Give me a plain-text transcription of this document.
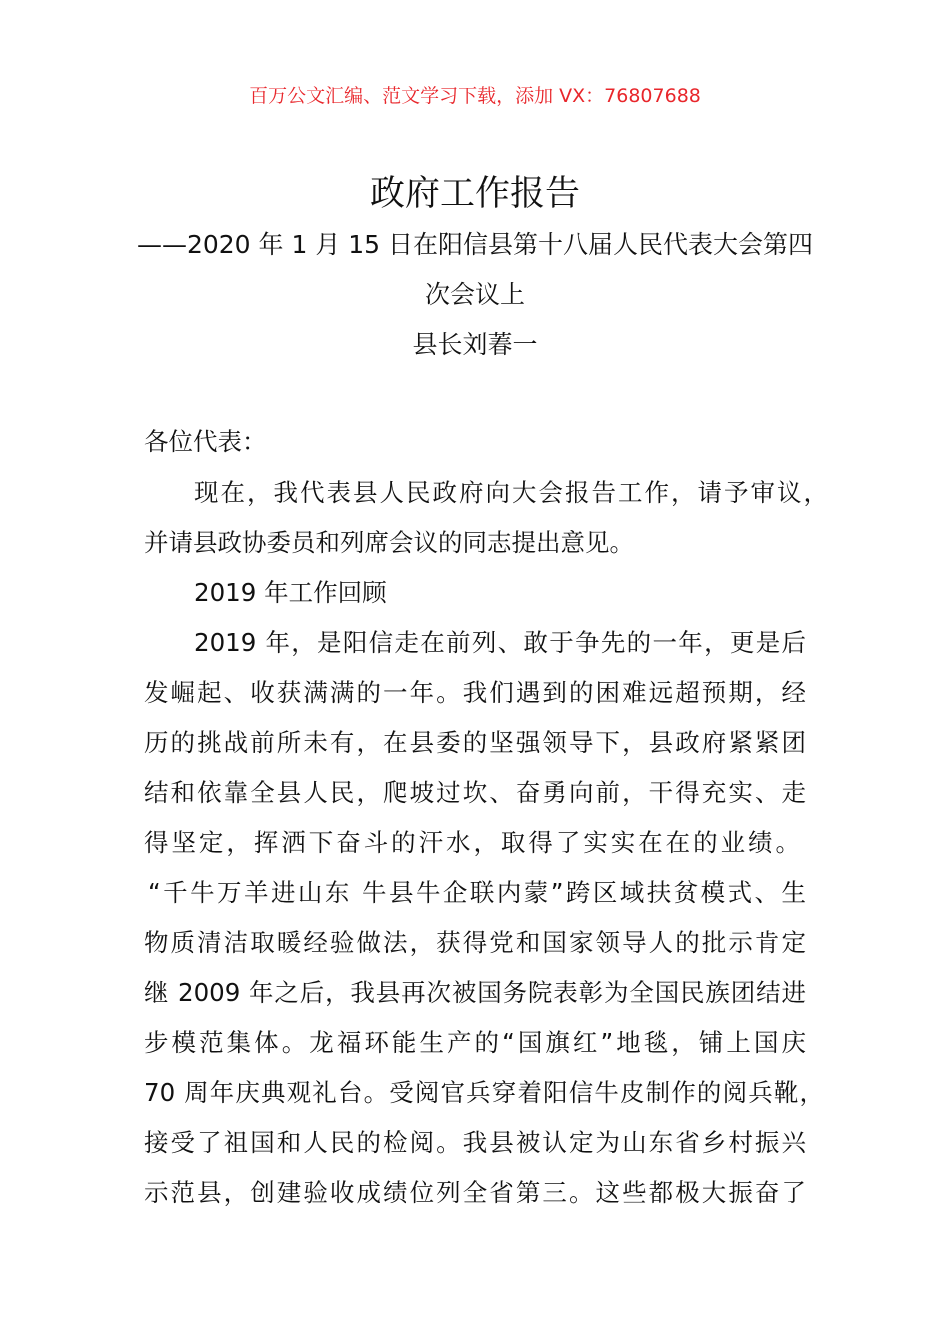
百万公文汇编、范文学习下载，添加 VX：76807688
政府工作报告
——2020 年 1 月 15 日在阳信县第十八届人民代表大会第四
次会议上
县长刘萶一
各位代表：
现在，我代表县人民政府向大会报告工作，请予审议，
并请县政协委员和列席会议的同志提出意见。
2019 年工作回顾
2019 年，是阳信走在前列、敢于争先的一年，更是后
发崛起、收获满满的一年。我们遇到的困难远超预期，经
历的挑战前所未有，在县委的坚强领导下，县政府紧紧团
结和依靠全县人民，爬坡过坎、奋勇向前，干得充实、走
得坚定，挥洒下奋斗的汗水，取得了实实在在的业绩。
“千牛万羊进山东 牛县牛企联内蒙”跨区域扶贫模式、生
物质清洁取暖经验做法，获得党和国家领导人的批示肯定
继 2009 年之后，我县再次被国务院表彰为全国民族团结进
步模范集体。龙福环能生产的“国旗红”地毯，铺上国庆
70 周年庆典观礼台。受阅官兵穿着阳信牛皮制作的阅兵靴，
接受了祖国和人民的检阅。我县被认定为山东省乡村振兴
示范县，创建验收成绩位列全省第三。这些都极大振奋了
